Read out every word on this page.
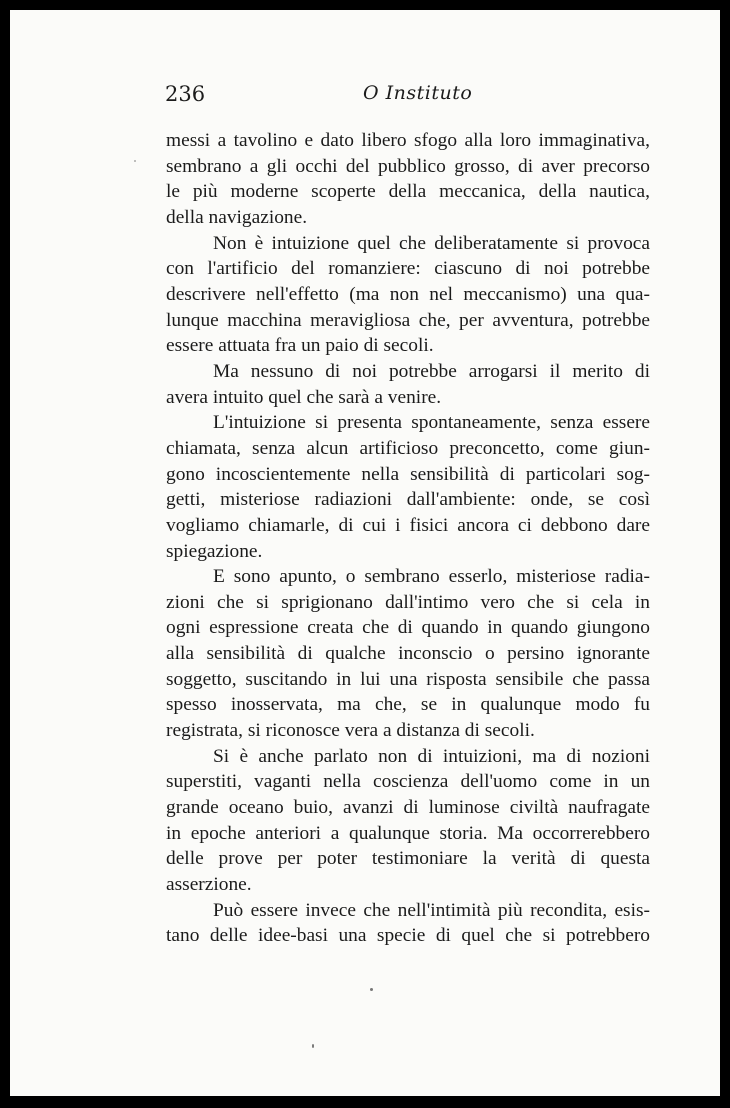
236	O Instituto
messi a tavolino e dato libero sfogo alla loro immaginativa,
sembrano a gli occhi del pubblico grosso, di aver precorso
le più moderne scoperte della meccanica, della nautica,
della navigazione.
Non è intuizione quel che deliberatamente si provoca
con l'artificio del romanziere: ciascuno di noi potrebbe
descrivere nell'effetto (ma non nel meccanismo) una qua-
lunque macchina meravigliosa che, per avventura, potrebbe
essere attuata fra un paio di secoli.
Ma nessuno di noi potrebbe arrogarsi il merito di
avera intuito quel che sarà a venire.
L'intuizione si presenta spontaneamente, senza essere
chiamata, senza alcun artificioso preconcetto, come giun-
gono incoscientemente nella sensibilità di particolari sog-
getti, misteriose radiazioni dall'ambiente: onde, se così
vogliamo chiamarle, di cui i fisici ancora ci debbono dare
spiegazione.
E sono apunto, o sembrano esserlo, misteriose radia-
zioni che si sprigionano dall'intimo vero che si cela in
ogni espressione creata che di quando in quando giungono
alla sensibilità di qualche inconscio o persino ignorante
soggetto, suscitando in lui una risposta sensibile che passa
spesso inosservata, ma che, se in qualunque modo fu
registrata, si riconosce vera a distanza di secoli.
Si è anche parlato non di intuizioni, ma di nozioni
superstiti, vaganti nella coscienza dell'uomo come in un
grande oceano buio, avanzi di luminose civiltà naufragate
in epoche anteriori a qualunque storia. Ma occorrerebbero
delle prove per poter testimoniare la verità di questa
asserzione.
Può essere invece che nell'intimità più recondita, esis-
tano delle idee-basi una specie di quel che si potrebbero
